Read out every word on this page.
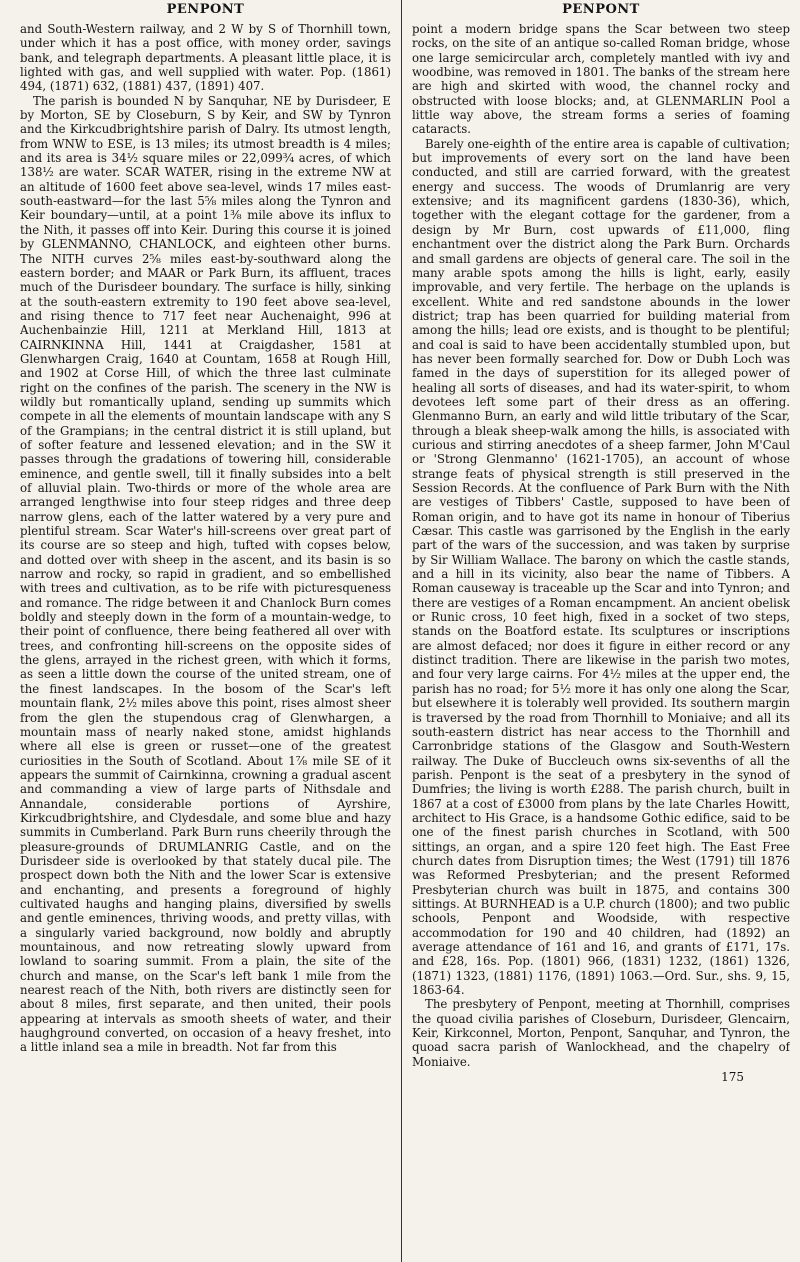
PENPONT

and South-Western railway, and 2 W by S of Thornhill town, under which it has a post office, with money order, savings bank, and telegraph departments. A pleasant little place, it is lighted with gas, and well supplied with water. Pop. (1861) 494, (1871) 632, (1881) 437, (1891) 407.

The parish is bounded N by Sanquhar, NE by Durisdeer, E by Morton, SE by Closeburn, S by Keir, and SW by Tynron and the Kirkcudbrightshire parish of Dalry. Its utmost length, from WNW to ESE, is 13 miles; its utmost breadth is 4 miles; and its area is 34½ square miles or 22,099¾ acres, of which 138½ are water. SCAR WATER, rising in the extreme NW at an altitude of 1600 feet above sea-level, winds 17 miles east-south-eastward—for the last 5⅝ miles along the Tynron and Keir boundary—until, at a point 1⅜ mile above its influx to the Nith, it passes off into Keir. During this course it is joined by GLENMANNO, CHANLOCK, and eighteen other burns. The NITH curves 2⅝ miles east-by-southward along the eastern border; and MAAR or Park Burn, its affluent, traces much of the Durisdeer boundary. The surface is hilly, sinking at the south-eastern extremity to 190 feet above sea-level, and rising thence to 717 feet near Auchenaight, 996 at Auchenbainzie Hill, 1211 at Merkland Hill, 1813 at CAIRNKINNA Hill, 1441 at Craigdasher, 1581 at Glenwhargen Craig, 1640 at Countam, 1658 at Rough Hill, and 1902 at Corse Hill, of which the three last culminate right on the confines of the parish. The scenery in the NW is wildly but romantically upland, sending up summits which compete in all the elements of mountain landscape with any S of the Grampians; in the central district it is still upland, but of softer feature and lessened elevation; and in the SW it passes through the gradations of towering hill, considerable eminence, and gentle swell, till it finally subsides into a belt of alluvial plain. Two-thirds or more of the whole area are arranged lengthwise into four steep ridges and three deep narrow glens, each of the latter watered by a very pure and plentiful stream. Scar Water's hill-screens over great part of its course are so steep and high, tufted with copses below, and dotted over with sheep in the ascent, and its basin is so narrow and rocky, so rapid in gradient, and so embellished with trees and cultivation, as to be rife with picturesqueness and romance. The ridge between it and Chanlock Burn comes boldly and steeply down in the form of a mountain-wedge, to their point of confluence, there being feathered all over with trees, and confronting hill-screens on the opposite sides of the glens, arrayed in the richest green, with which it forms, as seen a little down the course of the united stream, one of the finest landscapes. In the bosom of the Scar's left mountain flank, 2½ miles above this point, rises almost sheer from the glen the stupendous crag of Glenwhargen, a mountain mass of nearly naked stone, amidst highlands where all else is green or russet—one of the greatest curiosities in the South of Scotland. About 1⅞ mile SE of it appears the summit of Cairnkinna, crowning a gradual ascent and commanding a view of large parts of Nithsdale and Annandale, considerable portions of Ayrshire, Kirkcudbrightshire, and Clydesdale, and some blue and hazy summits in Cumberland. Park Burn runs cheerily through the pleasure-grounds of DRUMLANRIG Castle, and on the Durisdeer side is overlooked by that stately ducal pile. The prospect down both the Nith and the lower Scar is extensive and enchanting, and presents a foreground of highly cultivated haughs and hanging plains, diversified by swells and gentle eminences, thriving woods, and pretty villas, with a singularly varied background, now boldly and abruptly mountainous, and now retreating slowly upward from lowland to soaring summit. From a plain, the site of the church and manse, on the Scar's left bank 1 mile from the nearest reach of the Nith, both rivers are distinctly seen for about 8 miles, first separate, and then united, their pools appearing at intervals as smooth sheets of water, and their haughground converted, on occasion of a heavy freshet, into a little inland sea a mile in breadth. Not far from this

PENPONT

point a modern bridge spans the Scar between two steep rocks, on the site of an antique so-called Roman bridge, whose one large semicircular arch, completely mantled with ivy and woodbine, was removed in 1801. The banks of the stream here are high and skirted with wood, the channel rocky and obstructed with loose blocks; and, at GLENMARLIN Pool a little way above, the stream forms a series of foaming cataracts.

Barely one-eighth of the entire area is capable of cultivation; but improvements of every sort on the land have been conducted, and still are carried forward, with the greatest energy and success. The woods of Drumlanrig are very extensive; and its magnificent gardens (1830-36), which, together with the elegant cottage for the gardener, from a design by Mr Burn, cost upwards of £11,000, fling enchantment over the district along the Park Burn. Orchards and small gardens are objects of general care. The soil in the many arable spots among the hills is light, early, easily improvable, and very fertile. The herbage on the uplands is excellent. White and red sandstone abounds in the lower district; trap has been quarried for building material from among the hills; lead ore exists, and is thought to be plentiful; and coal is said to have been accidentally stumbled upon, but has never been formally searched for. Dow or Dubh Loch was famed in the days of superstition for its alleged power of healing all sorts of diseases, and had its water-spirit, to whom devotees left some part of their dress as an offering. Glenmanno Burn, an early and wild little tributary of the Scar, through a bleak sheep-walk among the hills, is associated with curious and stirring anecdotes of a sheep farmer, John M'Caul or 'Strong Glenmanno' (1621-1705), an account of whose strange feats of physical strength is still preserved in the Session Records. At the confluence of Park Burn with the Nith are vestiges of Tibbers' Castle, supposed to have been of Roman origin, and to have got its name in honour of Tiberius Cæsar. This castle was garrisoned by the English in the early part of the wars of the succession, and was taken by surprise by Sir William Wallace. The barony on which the castle stands, and a hill in its vicinity, also bear the name of Tibbers. A Roman causeway is traceable up the Scar and into Tynron; and there are vestiges of a Roman encampment. An ancient obelisk or Runic cross, 10 feet high, fixed in a socket of two steps, stands on the Boatford estate. Its sculptures or inscriptions are almost defaced; nor does it figure in either record or any distinct tradition. There are likewise in the parish two motes, and four very large cairns. For 4½ miles at the upper end, the parish has no road; for 5½ more it has only one along the Scar, but elsewhere it is tolerably well provided. Its southern margin is traversed by the road from Thornhill to Moniaive; and all its south-eastern district has near access to the Thornhill and Carronbridge stations of the Glasgow and South-Western railway. The Duke of Buccleuch owns six-sevenths of all the parish. Penpont is the seat of a presbytery in the synod of Dumfries; the living is worth £288. The parish church, built in 1867 at a cost of £3000 from plans by the late Charles Howitt, architect to His Grace, is a handsome Gothic edifice, said to be one of the finest parish churches in Scotland, with 500 sittings, an organ, and a spire 120 feet high. The East Free church dates from Disruption times; the West (1791) till 1876 was Reformed Presbyterian; and the present Reformed Presbyterian church was built in 1875, and contains 300 sittings. At BURNHEAD is a U.P. church (1800); and two public schools, Penpont and Woodside, with respective accommodation for 190 and 40 children, had (1892) an average attendance of 161 and 16, and grants of £171, 17s. and £28, 16s. Pop. (1801) 966, (1831) 1232, (1861) 1326, (1871) 1323, (1881) 1176, (1891) 1063.—Ord. Sur., shs. 9, 15, 1863-64.

The presbytery of Penpont, meeting at Thornhill, comprises the quoad civilia parishes of Closeburn, Durisdeer, Glencairn, Keir, Kirkconnel, Morton, Penpont, Sanquhar, and Tynron, the quoad sacra parish of Wanlockhead, and the chapelry of Moniaive.

175
